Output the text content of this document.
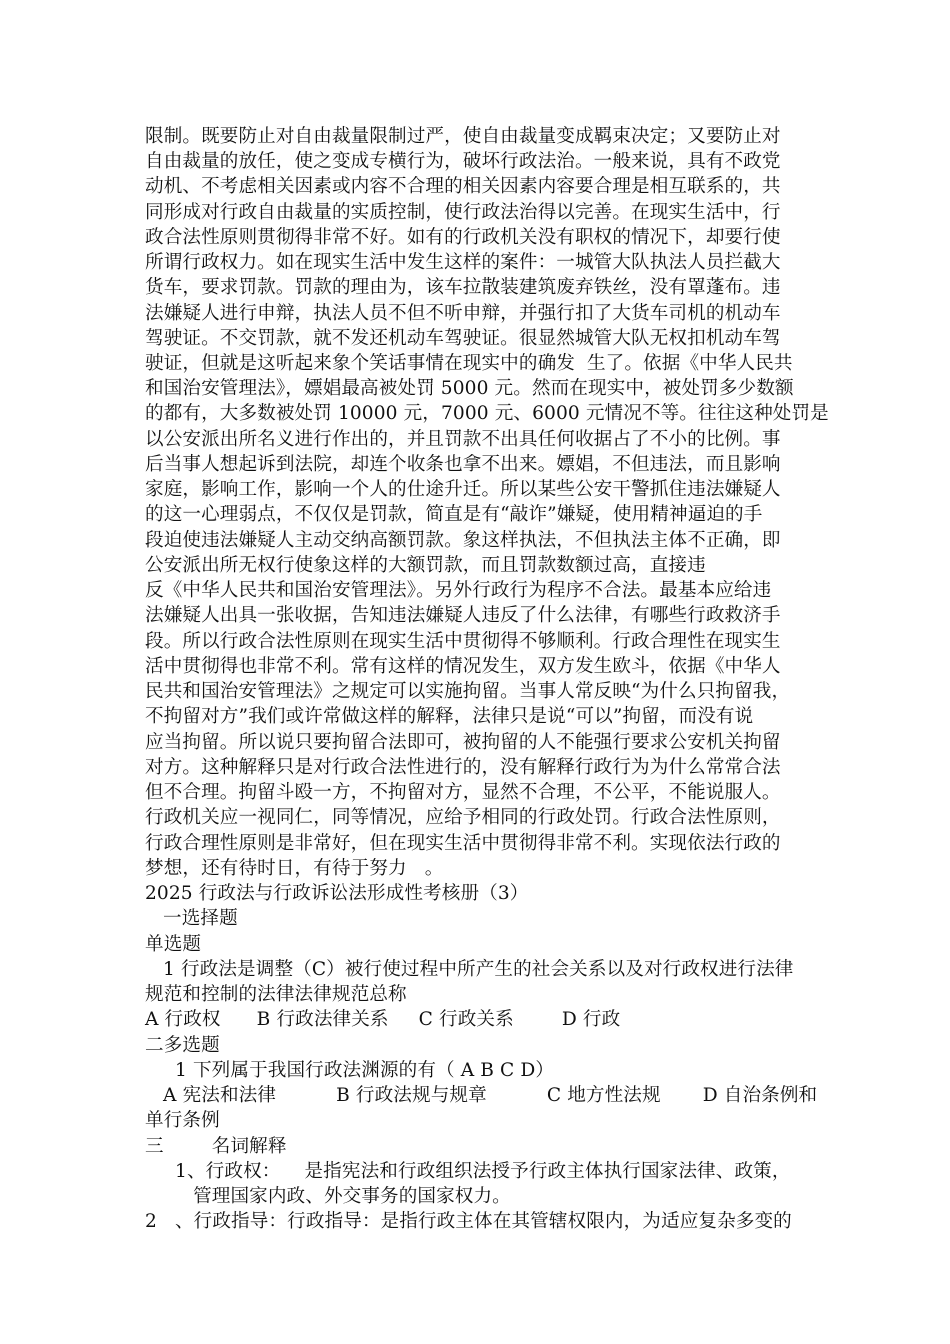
限制。既要防止对自由裁量限制过严，使自由裁量变成羁束决定；又要防止对
自由裁量的放任，使之变成专横行为，破坏行政法治。一般来说，具有不政党
动机、不考虑相关因素或内容不合理的相关因素内容要合理是相互联系的，共
同形成对行政自由裁量的实质控制，使行政法治得以完善。在现实生活中，行
政合法性原则贯彻得非常不好。如有的行政机关没有职权的情况下，却要行使
所谓行政权力。如在现实生活中发生这样的案件：一城管大队执法人员拦截大
货车，要求罚款。罚款的理由为，该车拉散装建筑废弃铁丝，没有罩蓬布。违
法嫌疑人进行申辩，执法人员不但不听申辩，并强行扣了大货车司机的机动车
驾驶证。不交罚款，就不发还机动车驾驶证。很显然城管大队无权扣机动车驾
驶证，但就是这听起来象个笑话事情在现实中的确发  生了。依据《中华人民共
和国治安管理法》，嫖娼最高被处罚 5000 元。然而在现实中，被处罚多少数额
的都有，大多数被处罚 10000 元，7000 元、6000 元情况不等。往往这种处罚是
以公安派出所名义进行作出的，并且罚款不出具任何收据占了不小的比例。事
后当事人想起诉到法院，却连个收条也拿不出来。嫖娼，不但违法，而且影响
家庭，影响工作，影响一个人的仕途升迁。所以某些公安干警抓住违法嫌疑人
的这一心理弱点，不仅仅是罚款，简直是有“敲诈”嫌疑，使用精神逼迫的手
段迫使违法嫌疑人主动交纳高额罚款。象这样执法，不但执法主体不正确，即
公安派出所无权行使象这样的大额罚款，而且罚款数额过高，直接违
反《中华人民共和国治安管理法》。另外行政行为程序不合法。最基本应给违
法嫌疑人出具一张收据，告知违法嫌疑人违反了什么法律，有哪些行政救济手
段。所以行政合法性原则在现实生活中贯彻得不够顺利。行政合理性在现实生
活中贯彻得也非常不利。常有这样的情况发生，双方发生欧斗，依据《中华人
民共和国治安管理法》之规定可以实施拘留。当事人常反映“为什么只拘留我，
不拘留对方”我们或许常做这样的解释，法律只是说“可以”拘留，而没有说
应当拘留。所以说只要拘留合法即可，被拘留的人不能强行要求公安机关拘留
对方。这种解释只是对行政合法性进行的，没有解释行政行为为什么常常合法
但不合理。拘留斗殴一方，不拘留对方，显然不合理，不公平，不能说服人。
行政机关应一视同仁，同等情况，应给予相同的行政处罚。行政合法性原则，
行政合理性原则是非常好，但在现实生活中贯彻得非常不利。实现依法行政的
梦想，还有待时日，有待于努力   。
2025 行政法与行政诉讼法形成性考核册（3）
一选择题
单选题
1 行政法是调整（C）被行使过程中所产生的社会关系以及对行政权进行法律
规范和控制的法律法律规范总称
A 行政权      B 行政法律关系     C 行政关系        D 行政
二多选题
1 下列属于我国行政法渊源的有（ A B C D）
A 宪法和法律          B 行政法规与规章          C 地方性法规       D 自治条例和
单行条例
三        名词解释
1、行政权：    是指宪法和行政组织法授予行政主体执行国家法律、政策，
管理国家内政、外交事务的国家权力。
2   、行政指导：行政指导：是指行政主体在其管辖权限内，为适应复杂多变的
